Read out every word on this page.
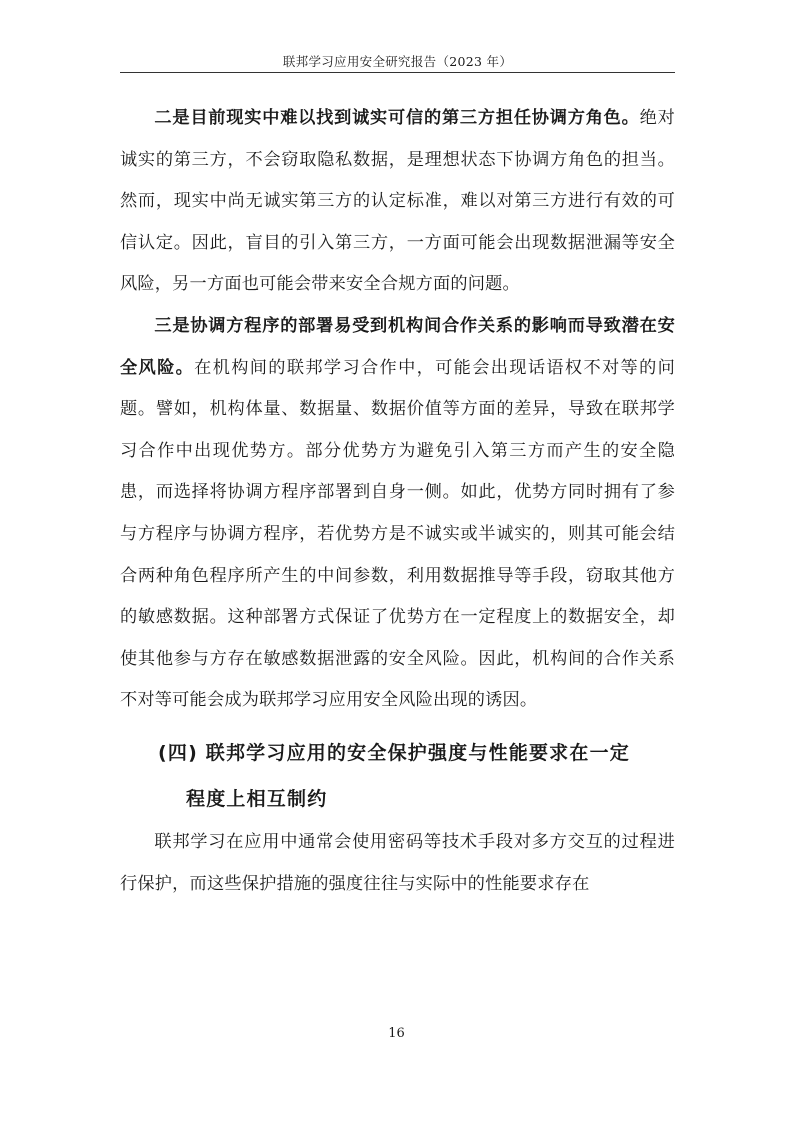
联邦学习应用安全研究报告（2023 年）

二是目前现实中难以找到诚实可信的第三方担任协调方角色。绝对诚实的第三方，不会窃取隐私数据，是理想状态下协调方角色的担当。然而，现实中尚无诚实第三方的认定标准，难以对第三方进行有效的可信认定。因此，盲目的引入第三方，一方面可能会出现数据泄漏等安全风险，另一方面也可能会带来安全合规方面的问题。

三是协调方程序的部署易受到机构间合作关系的影响而导致潜在安全风险。在机构间的联邦学习合作中，可能会出现话语权不对等的问题。譬如，机构体量、数据量、数据价值等方面的差异，导致在联邦学习合作中出现优势方。部分优势方为避免引入第三方而产生的安全隐患，而选择将协调方程序部署到自身一侧。如此，优势方同时拥有了参与方程序与协调方程序，若优势方是不诚实或半诚实的，则其可能会结合两种角色程序所产生的中间参数，利用数据推导等手段，窃取其他方的敏感数据。这种部署方式保证了优势方在一定程度上的数据安全，却使其他参与方存在敏感数据泄露的安全风险。因此，机构间的合作关系不对等可能会成为联邦学习应用安全风险出现的诱因。

(四) 联邦学习应用的安全保护强度与性能要求在一定
程度上相互制约

联邦学习在应用中通常会使用密码等技术手段对多方交互的过程进行保护，而这些保护措施的强度往往与实际中的性能要求存在

16
